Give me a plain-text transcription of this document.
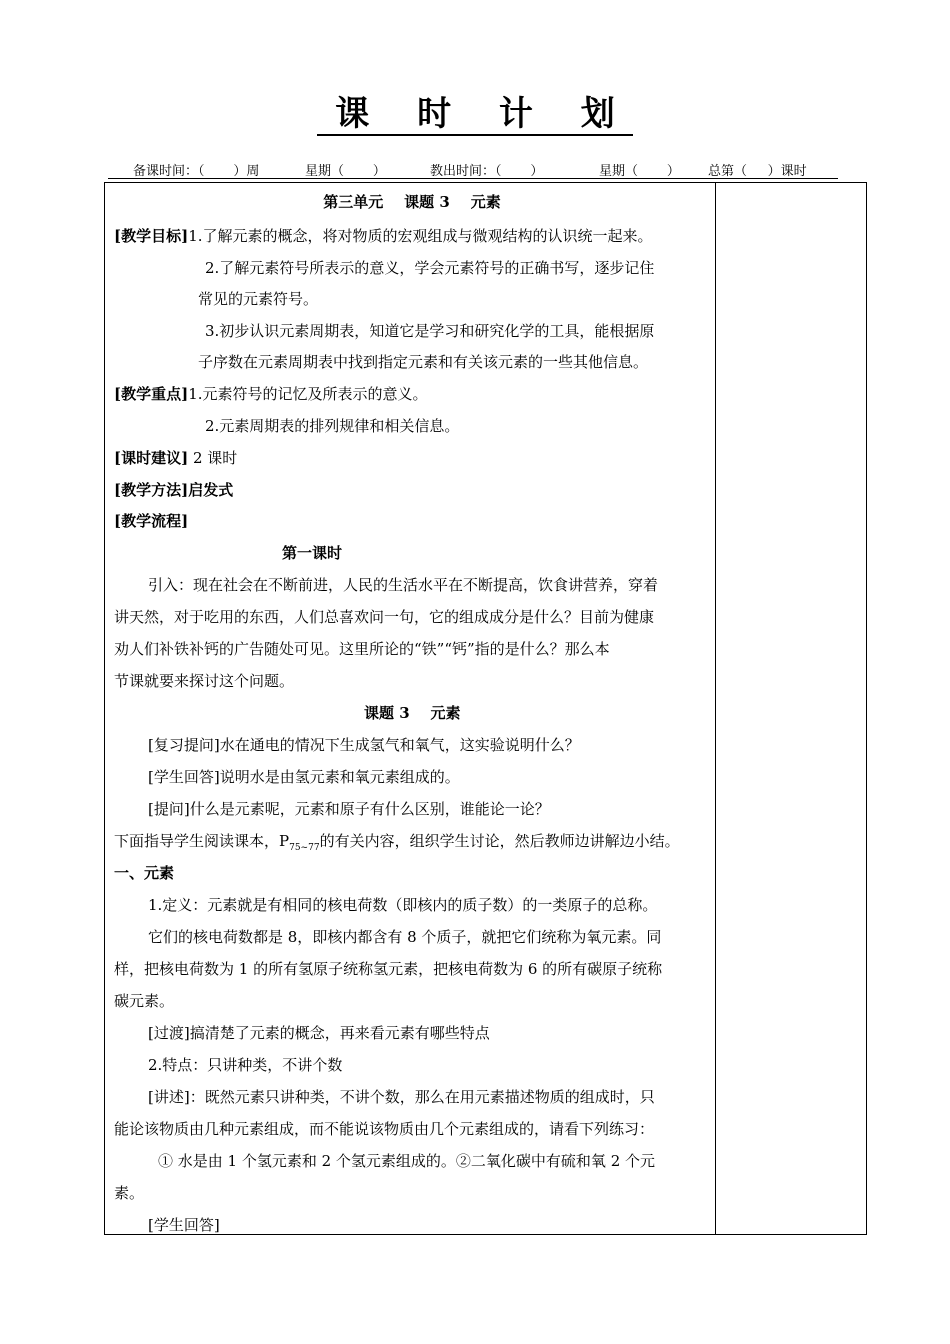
课 时 计 划
备课时间：（       ）周	星期（       ）	教出时间：（       ）	星期（       ） 总第（     ）课时
第三单元    课题 3    元素
[教学目标]1.了解元素的概念，将对物质的宏观组成与微观结构的认识统一起来。
2.了解元素符号所表示的意义，学会元素符号的正确书写，逐步记住
常见的元素符号。
3.初步认识元素周期表，知道它是学习和研究化学的工具，能根据原
子序数在元素周期表中找到指定元素和有关该元素的一些其他信息。
[教学重点]1.元素符号的记忆及所表示的意义。
2.元素周期表的排列规律和相关信息。
[课时建议] 2 课时
[教学方法]启发式
[教学流程]
第一课时
引入：现在社会在不断前进，人民的生活水平在不断提高，饮食讲营养，穿着
讲天然，对于吃用的东西，人们总喜欢问一句，它的组成成分是什么？目前为健康
劝人们补铁补钙的广告随处可见。这里所论的“铁”“钙”指的是什么？那么本
节课就要来探讨这个问题。
课题 3    元素
[复习提问]水在通电的情况下生成氢气和氧气，这实验说明什么？
[学生回答]说明水是由氢元素和氧元素组成的。
[提问]什么是元素呢，元素和原子有什么区别，谁能论一论？
下面指导学生阅读课本，$P_{75\sim 77}$的有关内容，组织学生讨论，然后教师边讲解边小结。
一、元素
1.定义：元素就是有相同的核电荷数（即核内的质子数）的一类原子的总称。
它们的核电荷数都是 8，即核内都含有 8 个质子，就把它们统称为氧元素。同
样，把核电荷数为 1 的所有氢原子统称氢元素，把核电荷数为 6 的所有碳原子统称
碳元素。
[过渡]搞清楚了元素的概念，再来看元素有哪些特点
2.特点：只讲种类，不讲个数
[讲述]：既然元素只讲种类，不讲个数，那么在用元素描述物质的组成时，只
能论该物质由几种元素组成，而不能说该物质由几个元素组成的，请看下列练习：
① 水是由 1 个氢元素和 2 个氢元素组成的。②二氧化碳中有硫和氧 2 个元
素。
[学生回答]
